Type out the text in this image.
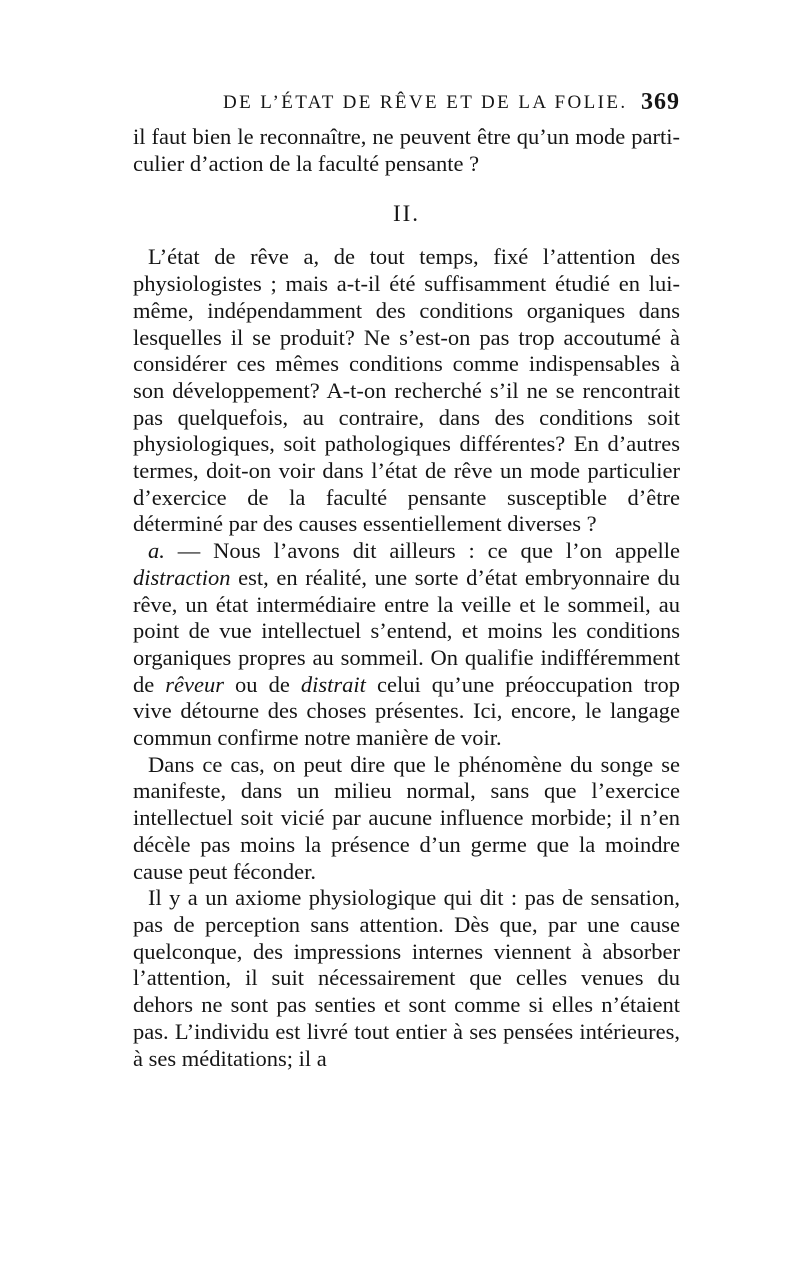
DE L’ÉTAT DE RÊVE ET DE LA FOLIE. 369

il faut bien le reconnaître, ne peuvent être qu’un mode particulier d’action de la faculté pensante ?

II.

L’état de rêve a, de tout temps, fixé l’attention des physiologistes ; mais a-t-il été suffisamment étudié en lui-même, indépendamment des conditions organiques dans lesquelles il se produit? Ne s’est-on pas trop accoutumé à considérer ces mêmes conditions comme indispensables à son développement? A-t-on recherché s’il ne se rencontrait pas quelquefois, au contraire, dans des conditions soit physiologiques, soit pathologiques différentes? En d’autres termes, doit-on voir dans l’état de rêve un mode particulier d’exercice de la faculté pensante susceptible d’être déterminé par des causes essentiellement diverses ?

a. — Nous l’avons dit ailleurs : ce que l’on appelle distraction est, en réalité, une sorte d’état embryonnaire du rêve, un état intermédiaire entre la veille et le sommeil, au point de vue intellectuel s’entend, et moins les conditions organiques propres au sommeil. On qualifie indifféremment de rêveur ou de distrait celui qu’une préoccupation trop vive détourne des choses présentes. Ici, encore, le langage commun confirme notre manière de voir.

Dans ce cas, on peut dire que le phénomène du songe se manifeste, dans un milieu normal, sans que l’exercice intellectuel soit vicié par aucune influence morbide; il n’en décèle pas moins la présence d’un germe que la moindre cause peut féconder.

Il y a un axiome physiologique qui dit : pas de sensation, pas de perception sans attention. Dès que, par une cause quelconque, des impressions internes viennent à absorber l’attention, il suit nécessairement que celles venues du dehors ne sont pas senties et sont comme si elles n’étaient pas. L’individu est livré tout entier à ses pensées intérieures, à ses méditations; il a
